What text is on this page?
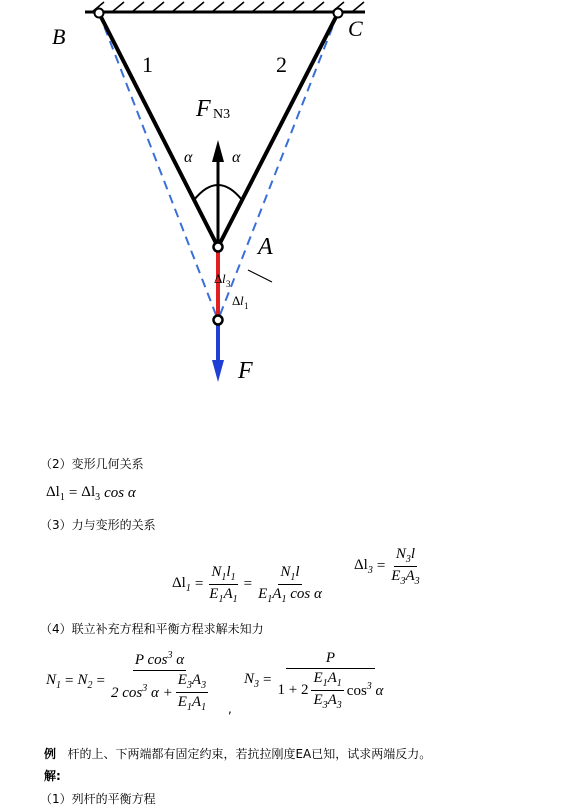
B	C
1	2
F N3
α α
A
Δ l 3
Δ l 1
F
（2）变形几何关系
$\Delta l_1 = \Delta l_3$ cos α
（3）力与变形的关系
$\Delta l_1 = \frac{N_1l_1}{E_1A_1} = \frac{N_1l}{E_1A_1 \cos \alpha} \Delta l_3 = \frac{N_3l}{E_3A_3}$
（4）联立补充方程和平衡方程求解未知力
$N_1 = N_2 = \frac{P \cos^3 \alpha}{2 \cos^3 \alpha + \frac{E_3A_3}{E_1A_1}}$ ,
$N_3 = \frac{P}{1 + 2 \frac{E_1A_1}{E_3A_3} \cos^3 \alpha}$
例 杆的上、下两端都有固定约束，若抗拉刚度EA已知，试求两端反力。
解:
（1）列杆的平衡方程
